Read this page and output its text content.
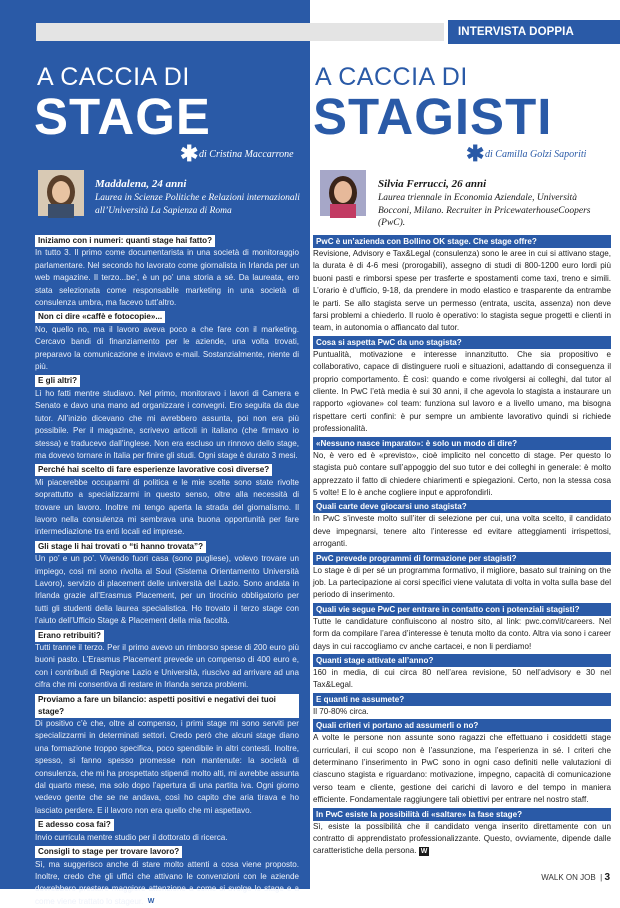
INTERVISTA DOPPIA
A CACCIA DI
STAGE
✱ di Cristina Maccarrone
Maddalena, 24 anni
Laurea in Scienze Politiche e Relazioni internazionali all’Università La Sapienza di Roma
Iniziamo con i numeri: quanti stage hai fatto?
In tutto 3. Il primo come documentarista in una società di monitoraggio parlamentare. Nel secondo ho lavorato come giornalista in Irlanda per un web magazine. Il terzo...be’, è un po’ una storia a sé. Da laureata, ero stata selezionata come responsabile marketing in una società di consulenza umbra, ma facevo tutt’altro.
Non ci dire «caffè e fotocopie»...
No, quello no, ma il lavoro aveva poco a che fare con il marketing. Cercavo bandi di finanziamento per le aziende, una volta trovati, preparavo la comunicazione e inviavo e-mail. Sostanzialmente, niente di più.
E gli altri?
Lì ho fatti mentre studiavo. Nel primo, monitoravo i lavori di Camera e Senato e davo una mano ad organizzare i convegni. Ero seguita da due tutor. All’inizio dicevano che mi avrebbero assunta, poi non era più possibile. Per il magazine, scrivevo articoli in italiano (che firmavo io stessa) e traducevo dall’inglese. Non era escluso un rinnovo dello stage, ma dovevo tornare in Italia per finire gli studi. Ogni stage è durato 3 mesi.
Perché hai scelto di fare esperienze lavorative così diverse?
Mi piacerebbe occuparmi di politica e le mie scelte sono state rivolte soprattutto a specializzarmi in questo senso, oltre alla necessità di trovare un lavoro. Inoltre mi tengo aperta la strada del giornalismo. Il lavoro nella consulenza mi sembrava una buona opportunità per fare intermediazione tra enti locali ed imprese.
Gli stage li hai trovati o “ti hanno trovata”?
Un po’ e un po’. Vivendo fuori casa (sono pugliese), volevo trovare un impiego, così mi sono rivolta al Soul (Sistema Orientamento Università Lavoro), servizio di placement delle università del Lazio. Sono andata in Irlanda grazie all’Erasmus Placement, per un tirocinio obbligatorio per tutti gli studenti della laurea specialistica. Ho trovato il terzo stage con l’aiuto dell’Ufficio Stage & Placement della mia facoltà.
Erano retribuiti?
Tutti tranne il terzo. Per il primo avevo un rimborso spese di 200 euro più buoni pasto. L’Erasmus Placement prevede un compenso di 400 euro e, con i contributi di Regione Lazio e Università, riuscivo ad arrivare ad una cifra che mi consentiva di restare in Irlanda senza problemi.
Proviamo a fare un bilancio: aspetti positivi e negativi dei tuoi stage?
Di positivo c’è che, oltre al compenso, i primi stage mi sono serviti per specializzarmi in determinati settori. Credo però che alcuni stage diano una formazione troppo specifica, poco spendibile in altri contesti. Inoltre, spesso, si fanno spesso promesse non mantenute: la società di consulenza, che mi ha prospettato stipendi molto alti, mi avrebbe assunta dal quarto mese, ma solo dopo l’apertura di una partita iva. Ogni giorno vedevo gente che se ne andava, così ho capito che aria tirava e ho lasciato perdere. E il lavoro non era quello che mi aspettavo.
E adesso cosa fai?
Invio curricula mentre studio per il dottorato di ricerca.
Consigli to stage per trovare lavoro?
Sì, ma suggerisco anche di stare molto attenti a cosa viene proposto. Inoltre, credo che gli uffici che attivano le convenzioni con le aziende dovrebbero prestare maggiore attenzione a come si svolge lo stage e a come viene trattato lo stageur. W
A CACCIA DI
STAGISTI
✱ di Camilla Golzi Saporiti
Silvia Ferrucci, 26 anni
Laurea triennale in Economia Aziendale, Università Bocconi, Milano. Recruiter in PricewaterhouseCoopers (PwC).
PwC è un’azienda con Bollino OK stage. Che stage offre?
Revisione, Advisory e Tax&Legal (consulenza) sono le aree in cui si attivano stage, la durata è di 4-6 mesi (prorogabili), assegno di studi di 800-1200 euro lordi più buoni pasti e rimborsi spese per trasferte e spostamenti come taxi, treno e simili. L’orario è d’ufficio, 9-18, da prendere in modo elastico e trasparente da entrambe le parti. Se allo stagista serve un permesso (entrata, uscita, assenza) non deve farsi problemi a chiederlo. Il ruolo è operativo: lo stagista segue progetti e clienti in team, in autonomia o affiancato dal tutor.
Cosa si aspetta PwC da uno stagista?
Puntualità, motivazione e interesse innanzitutto. Che sia propositivo e collaborativo, capace di distinguere ruoli e situazioni, adattando di conseguenza il proprio comportamento. È così: quando e come rivolgersi ai colleghi, dal tutor al cliente. In PwC l’età media è sui 30 anni, il che agevola lo stagista a instaurare un rapporto «giovane» col team: funziona sul lavoro e a livello umano, ma bisogna rispettare certi confini: è pur sempre un ambiente lavorativo quindi si richiede professionalità.
«Nessuno nasce imparato»: è solo un modo di dire?
No, è vero ed è «previsto», cioè implicito nel concetto di stage. Per questo lo stagista può contare sull’appoggio del suo tutor e dei colleghi in generale: è molto apprezzato il fatto di chiedere chiarimenti e spiegazioni. Certo, non la stessa cosa 5 volte! E lo è anche cogliere input e approfondirli.
Quali carte deve giocarsi uno stagista?
In PwC s’investe molto sull’iter di selezione per cui, una volta scelto, il candidato deve impegnarsi, tenere alto l’interesse ed evitare atteggiamenti irrispettosi, arroganti.
PwC prevede programmi di formazione per stagisti?
Lo stage è di per sé un programma formativo, il migliore, basato sul training on the job. La partecipazione ai corsi specifici viene valutata di volta in volta sulla base del periodo di inserimento.
Quali vie segue PwC per entrare in contatto con i potenziali stagisti?
Tutte le candidature confluiscono al nostro sito, al link: pwc.com/it/careers. Nel form da compilare l’area d’interesse è tenuta molto da conto. Altra via sono i career days in cui raccogliamo cv anche cartacei, e non li perdiamo!
Quanti stage attivate all’anno?
160 in media, di cui circa 80 nell’area revisione, 50 nell’advisory e 30 nel Tax&Legal.
E quanti ne assumete?
Il 70-80% circa.
Quali criteri vi portano ad assumerli o no?
A volte le persone non assunte sono ragazzi che effettuano i cosiddetti stage curriculari, il cui scopo non è l’assunzione, ma l’esperienza in sé. I criteri che determinano l’inserimento in PwC sono in ogni caso definiti nelle valutazioni di ciascuno stagista e riguardano: motivazione, impegno, capacità di comunicazione verso team e cliente, gestione dei carichi di lavoro e del tempo in maniera efficiente. Fondamentale raggiungere tali obiettivi per entrare nel nostro staff.
In PwC esiste la possibilità di «saltare» la fase stage?
Sì, esiste la possibilità che il candidato venga inserito direttamente con un contratto di apprendistato professionalizzante. Questo, ovviamente, dipende dalle caratteristiche della persona. W
WALK ON JOB  | 3
